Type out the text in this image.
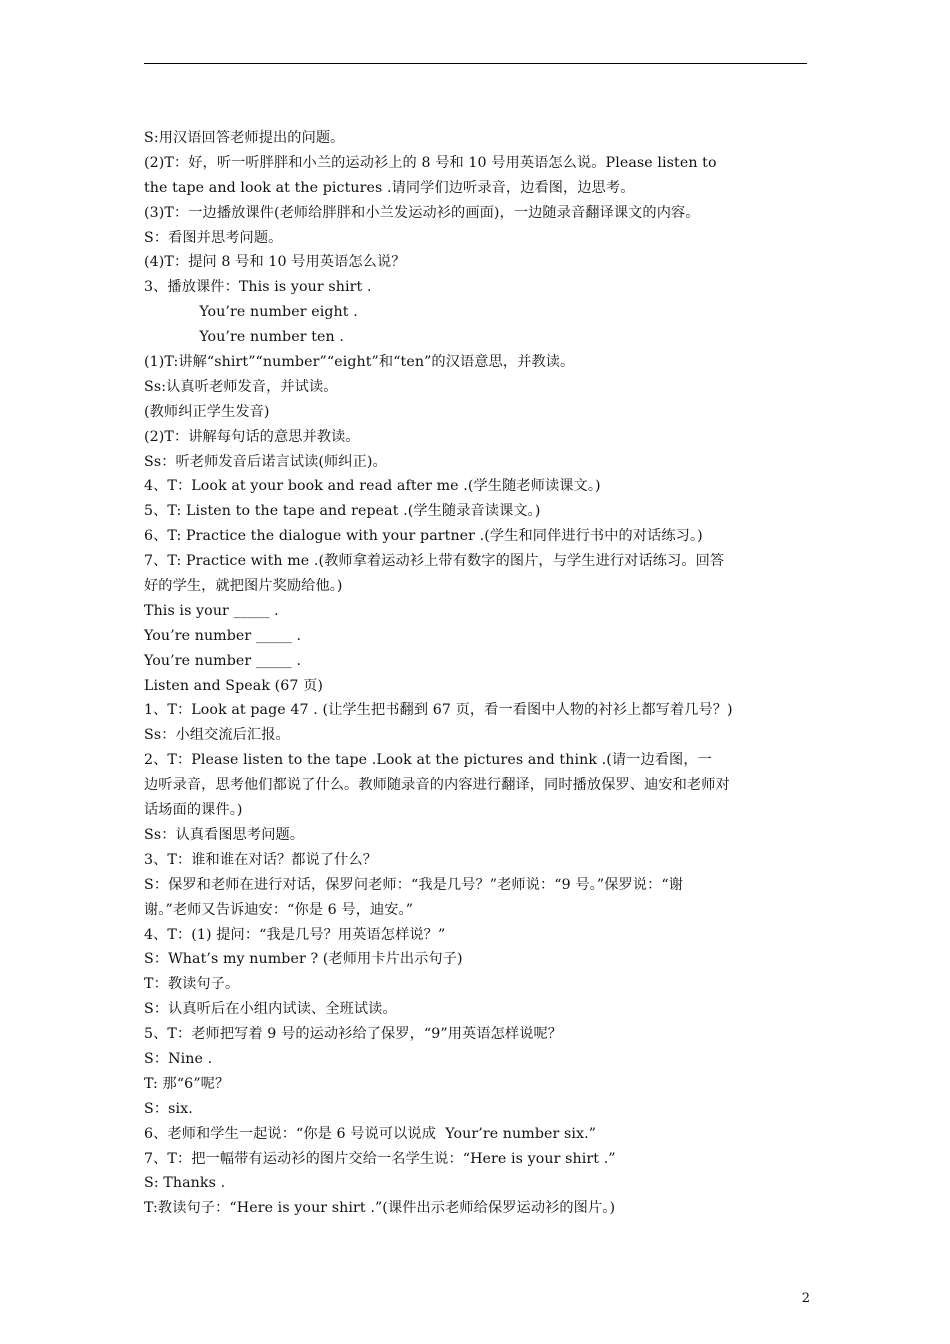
S:用汉语回答老师提出的问题。
(2)T：好，听一听胖胖和小兰的运动衫上的 8 号和 10 号用英语怎么说。Please listen to
the tape and look at the pictures .请同学们边听录音，边看图，边思考。
(3)T：一边播放课件(老师给胖胖和小兰发运动衫的画面)，一边随录音翻译课文的内容。
S：看图并思考问题。
(4)T：提问 8 号和 10 号用英语怎么说？
3、播放课件：This is your shirt .
You’re number eight .
You’re number ten .
(1)T:讲解“shirt”“number”“eight”和“ten”的汉语意思，并教读。
Ss:认真听老师发音，并试读。
(教师纠正学生发音)
(2)T：讲解每句话的意思并教读。
Ss：听老师发音后诺言试读(师纠正)。
4、T：Look at your book and read after me .(学生随老师读课文。)
5、T: Listen to the tape and repeat .(学生随录音读课文。)
6、T: Practice the dialogue with your partner .(学生和同伴进行书中的对话练习。)
7、T: Practice with me .(教师拿着运动衫上带有数字的图片，与学生进行对话练习。回答
好的学生，就把图片奖励给他。)
This is your _____ .
You’re number _____ .
You’re number _____ .
Listen and Speak (67 页)
1、T：Look at page 47 . (让学生把书翻到 67 页，看一看图中人物的衬衫上都写着几号？)
Ss：小组交流后汇报。
2、T：Please listen to the tape .Look at the pictures and think .(请一边看图，一
边听录音，思考他们都说了什么。教师随录音的内容进行翻译，同时播放保罗、迪安和老师对
话场面的课件。)
Ss：认真看图思考问题。
3、T：谁和谁在对话？都说了什么？
S：保罗和老师在进行对话，保罗问老师：“我是几号？”老师说：“9 号。”保罗说：“谢
谢。”老师又告诉迪安：“你是 6 号，迪安。”
4、T：(1) 提问：“我是几号？用英语怎样说？”
S：What’s my number ? (老师用卡片出示句子)
T：教读句子。
S：认真听后在小组内试读、全班试读。
5、T：老师把写着 9 号的运动衫给了保罗，“9”用英语怎样说呢？
S：Nine .
T: 那“6”呢？
S：six.
6、老师和学生一起说：“你是 6 号说可以说成  Your’re number six.”
7、T：把一幅带有运动衫的图片交给一名学生说：“Here is your shirt .”
S: Thanks .
T:教读句子：“Here is your shirt .”(课件出示老师给保罗运动衫的图片。)
2
